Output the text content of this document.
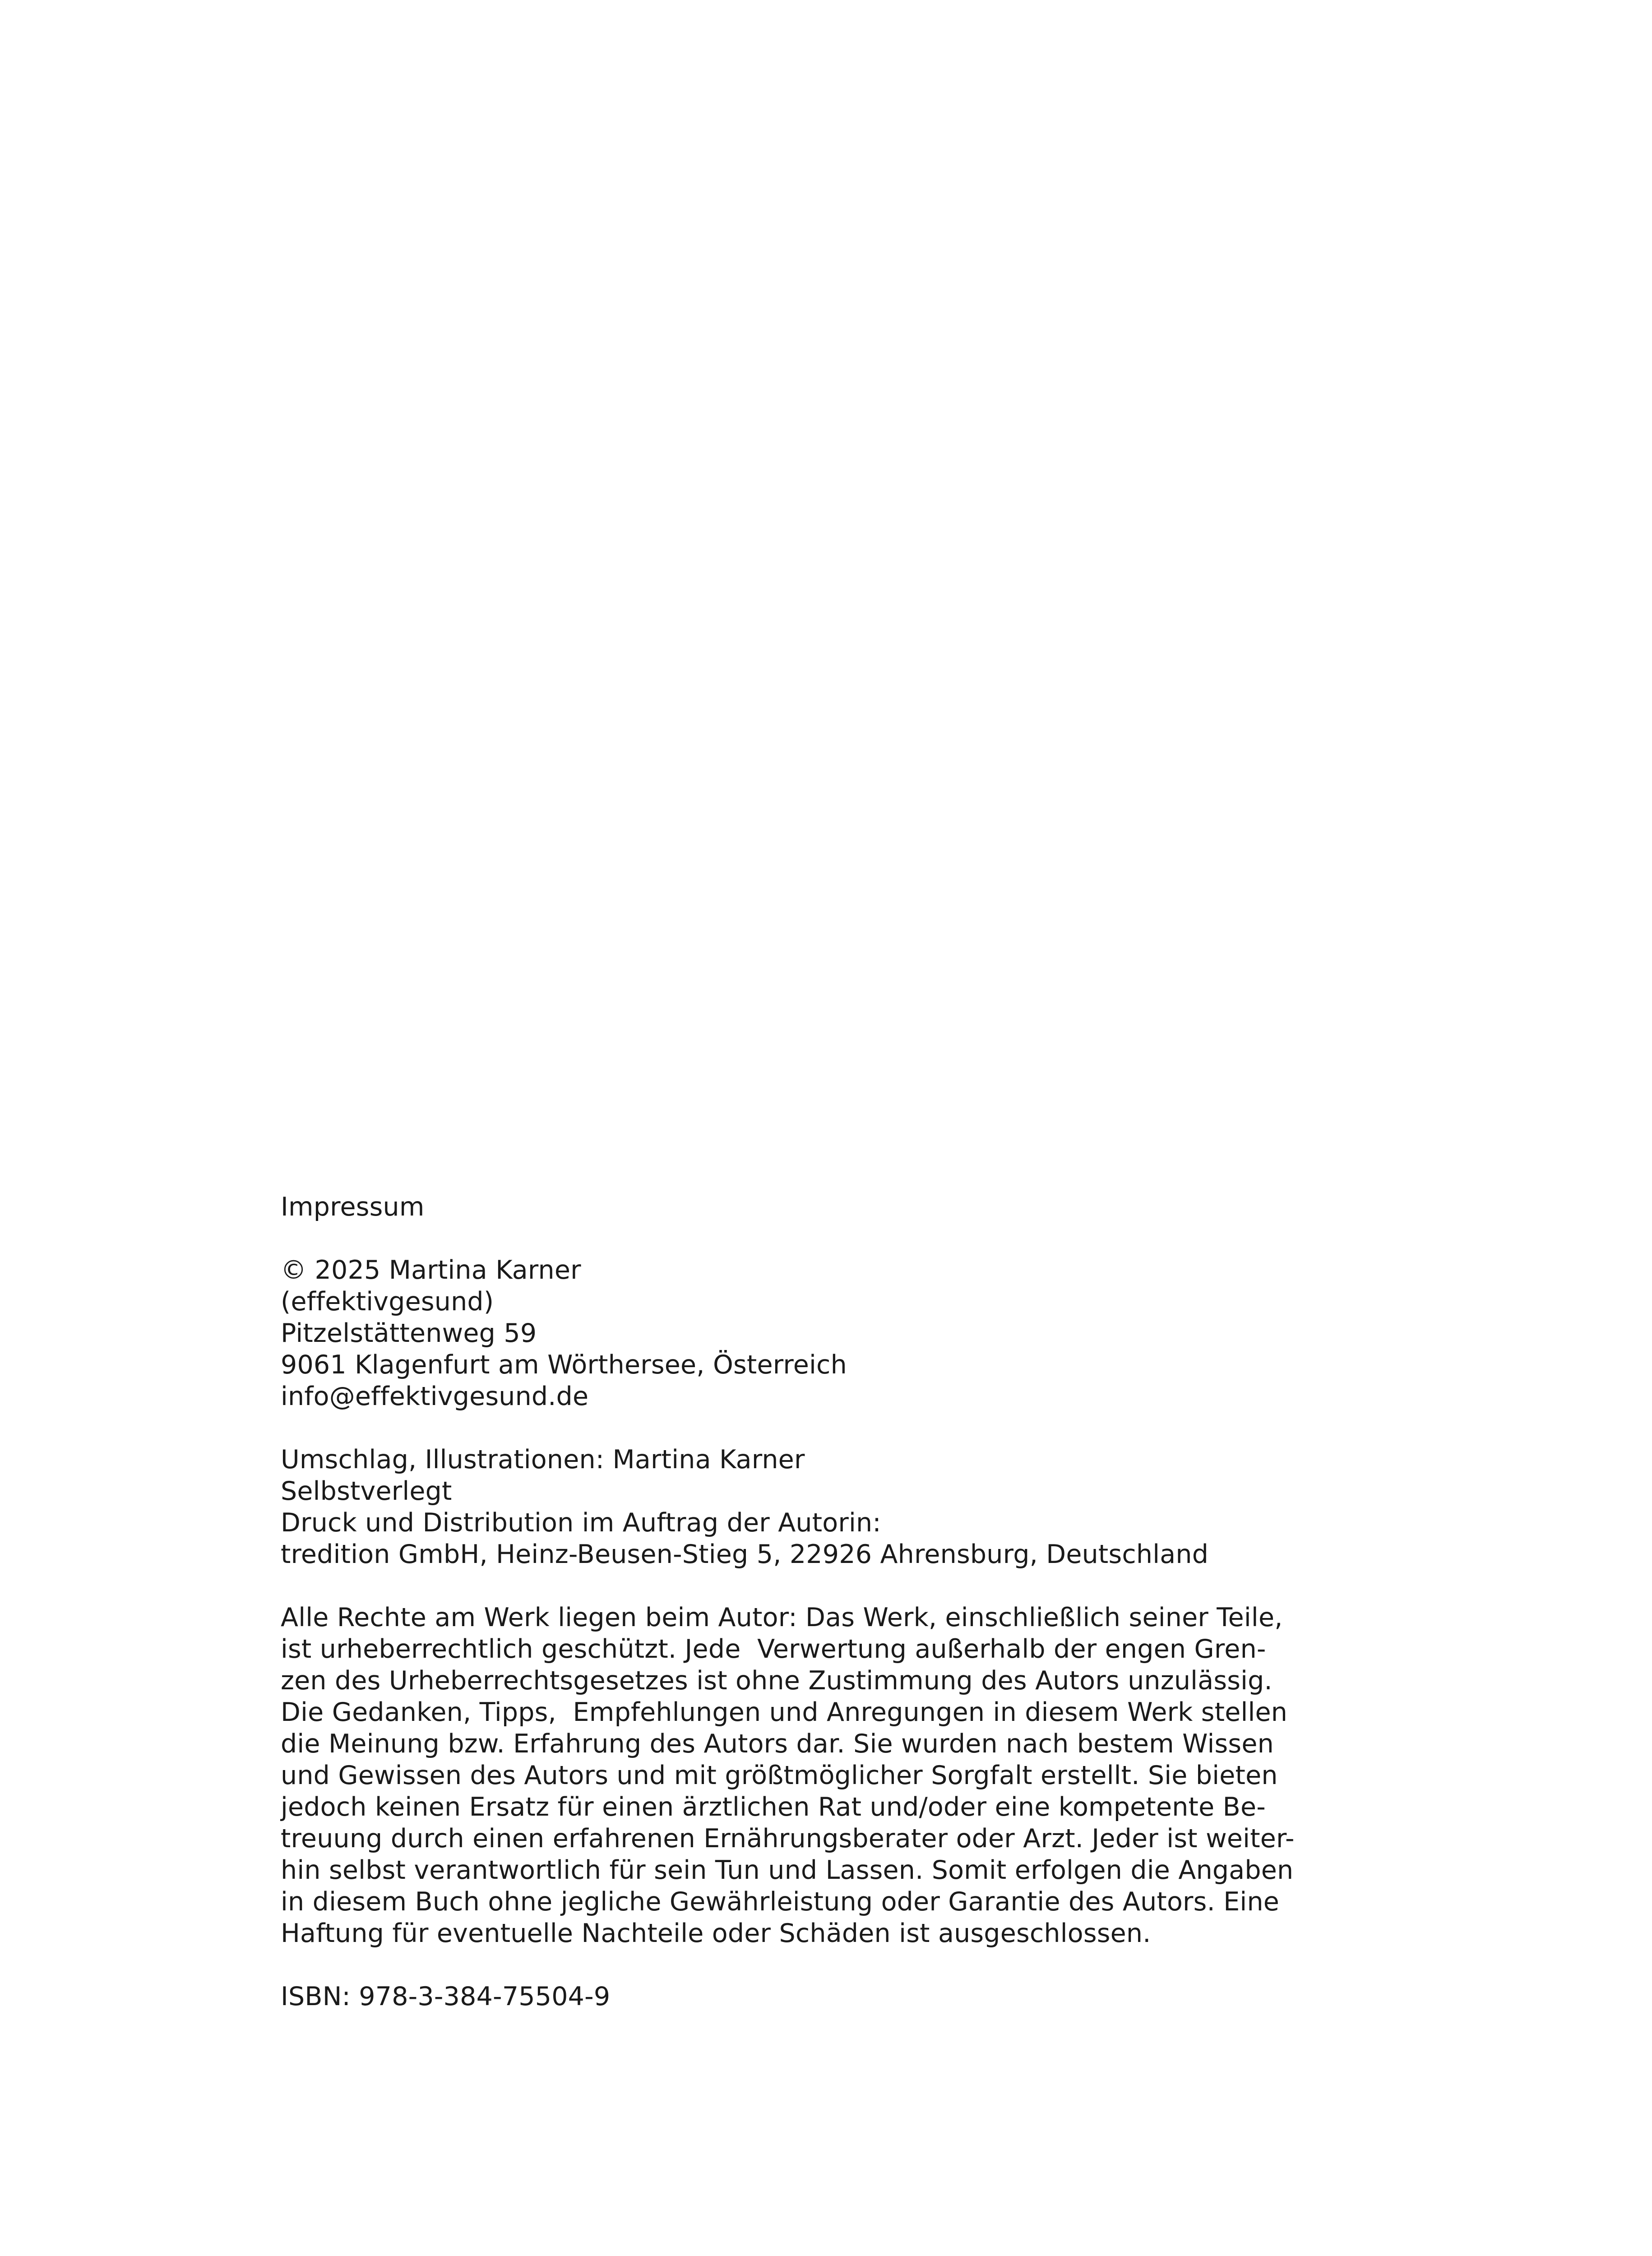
Impressum
© 2025 Martina Karner
(effektivgesund)
Pitzelstättenweg 59
9061 Klagenfurt am Wörthersee, Österreich
info@effektivgesund.de
Umschlag, Illustrationen: Martina Karner
Selbstverlegt
Druck und Distribution im Auftrag der Autorin:
tredition GmbH, Heinz-Beusen-Stieg 5, 22926 Ahrensburg, Deutschland
Alle Rechte am Werk liegen beim Autor: Das Werk, einschließlich seiner Teile,
ist urheberrechtlich geschützt. Jede  Verwertung außerhalb der engen Gren-
zen des Urheberrechtsgesetzes ist ohne Zustimmung des Autors unzulässig.
Die Gedanken, Tipps,  Empfehlungen und Anregungen in diesem Werk stellen
die Meinung bzw. Erfahrung des Autors dar. Sie wurden nach bestem Wissen
und Gewissen des Autors und mit größtmöglicher Sorgfalt erstellt. Sie bieten
jedoch keinen Ersatz für einen ärztlichen Rat und/oder eine kompetente Be-
treuung durch einen erfahrenen Ernährungsberater oder Arzt. Jeder ist weiter-
hin selbst verantwortlich für sein Tun und Lassen. Somit erfolgen die Angaben
in diesem Buch ohne jegliche Gewährleistung oder Garantie des Autors. Eine
Haftung für eventuelle Nachteile oder Schäden ist ausgeschlossen.
ISBN: 978-3-384-75504-9
